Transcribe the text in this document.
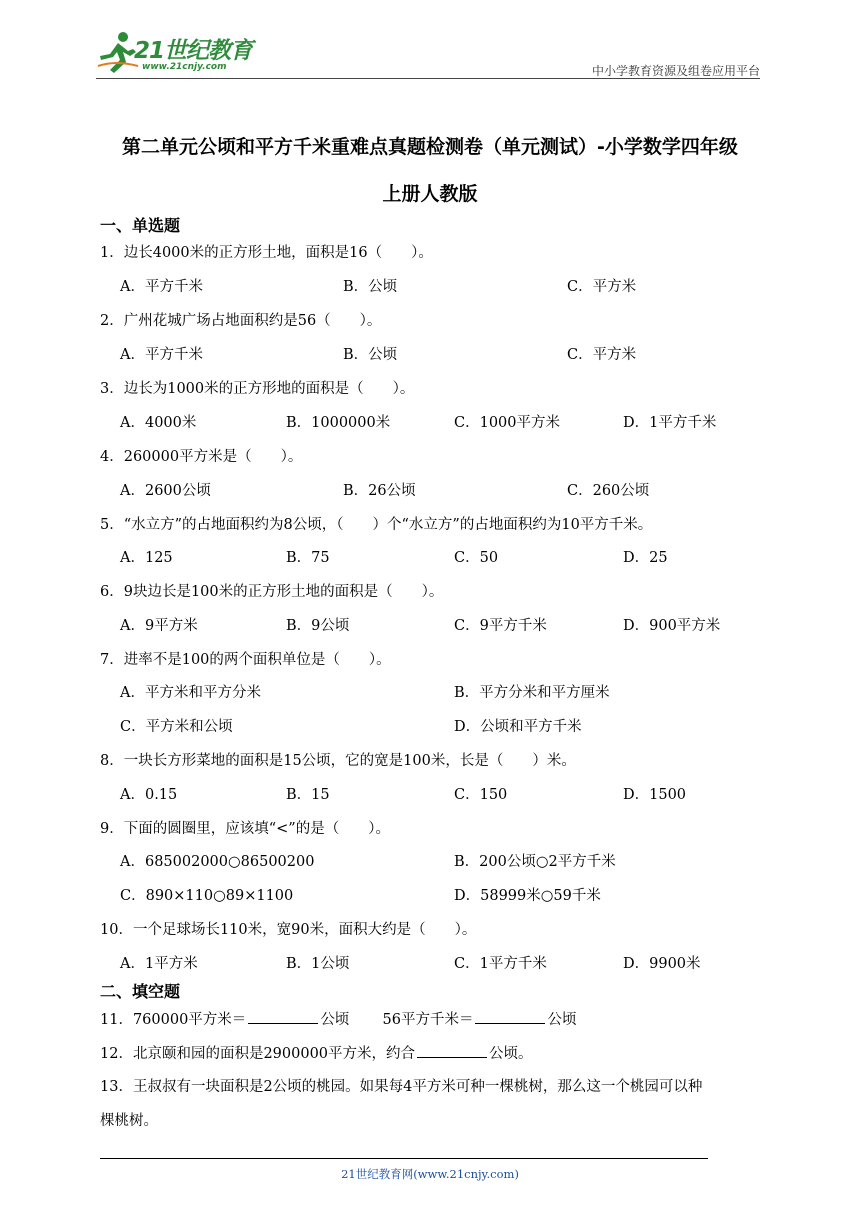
21世纪教育
www.21cnjy.com	中小学教育资源及组卷应用平台
第二单元公顷和平方千米重难点真题检测卷（单元测试）-小学数学四年级
上册人教版
一、单选题
1．边长4000米的正方形土地，面积是16（　　）。
A．平方千米	B．公顷	C．平方米
2．广州花城广场占地面积约是56（　　）。
A．平方千米	B．公顷	C．平方米
3．边长为1000米的正方形地的面积是（　　）。
A．4000米	B．1000000米	C．1000平方米	D．1平方千米
4．260000平方米是（　　）。
A．2600公顷	B．26公顷	C．260公顷
5．“水立方”的占地面积约为8公顷，（　　）个“水立方”的占地面积约为10平方千米。
A．125	B．75	C．50	D．25
6．9块边长是100米的正方形土地的面积是（　　）。
A．9平方米	B．9公顷	C．9平方千米	D．900平方米
7．进率不是100的两个面积单位是（　　）。
A．平方米和平方分米	B．平方分米和平方厘米
C．平方米和公顷	D．公顷和平方千米
8．一块长方形菜地的面积是15公顷，它的宽是100米，长是（　　）米。
A．0.15	B．15	C．150	D．1500
9．下面的圆圈里，应该填“<”的是（　　）。
A．685002000○86500200	B．200公顷○2平方千米
C．890×110○89×1100	D．58999米○59千米
10．一个足球场长110米，宽90米，面积大约是（　　）。
A．1平方米	B．1公顷	C．1平方千米	D．9900米
二、填空题
11．760000平方米＝	公顷 56平方千米＝	公顷
12．北京颐和园的面积是2900000平方米，约合	公顷。
13．王叔叔有一块面积是2公顷的桃园。如果每4平方米可种一棵桃树，那么这一个桃园可以种
棵桃树。
21世纪教育网(www.21cnjy.com)
